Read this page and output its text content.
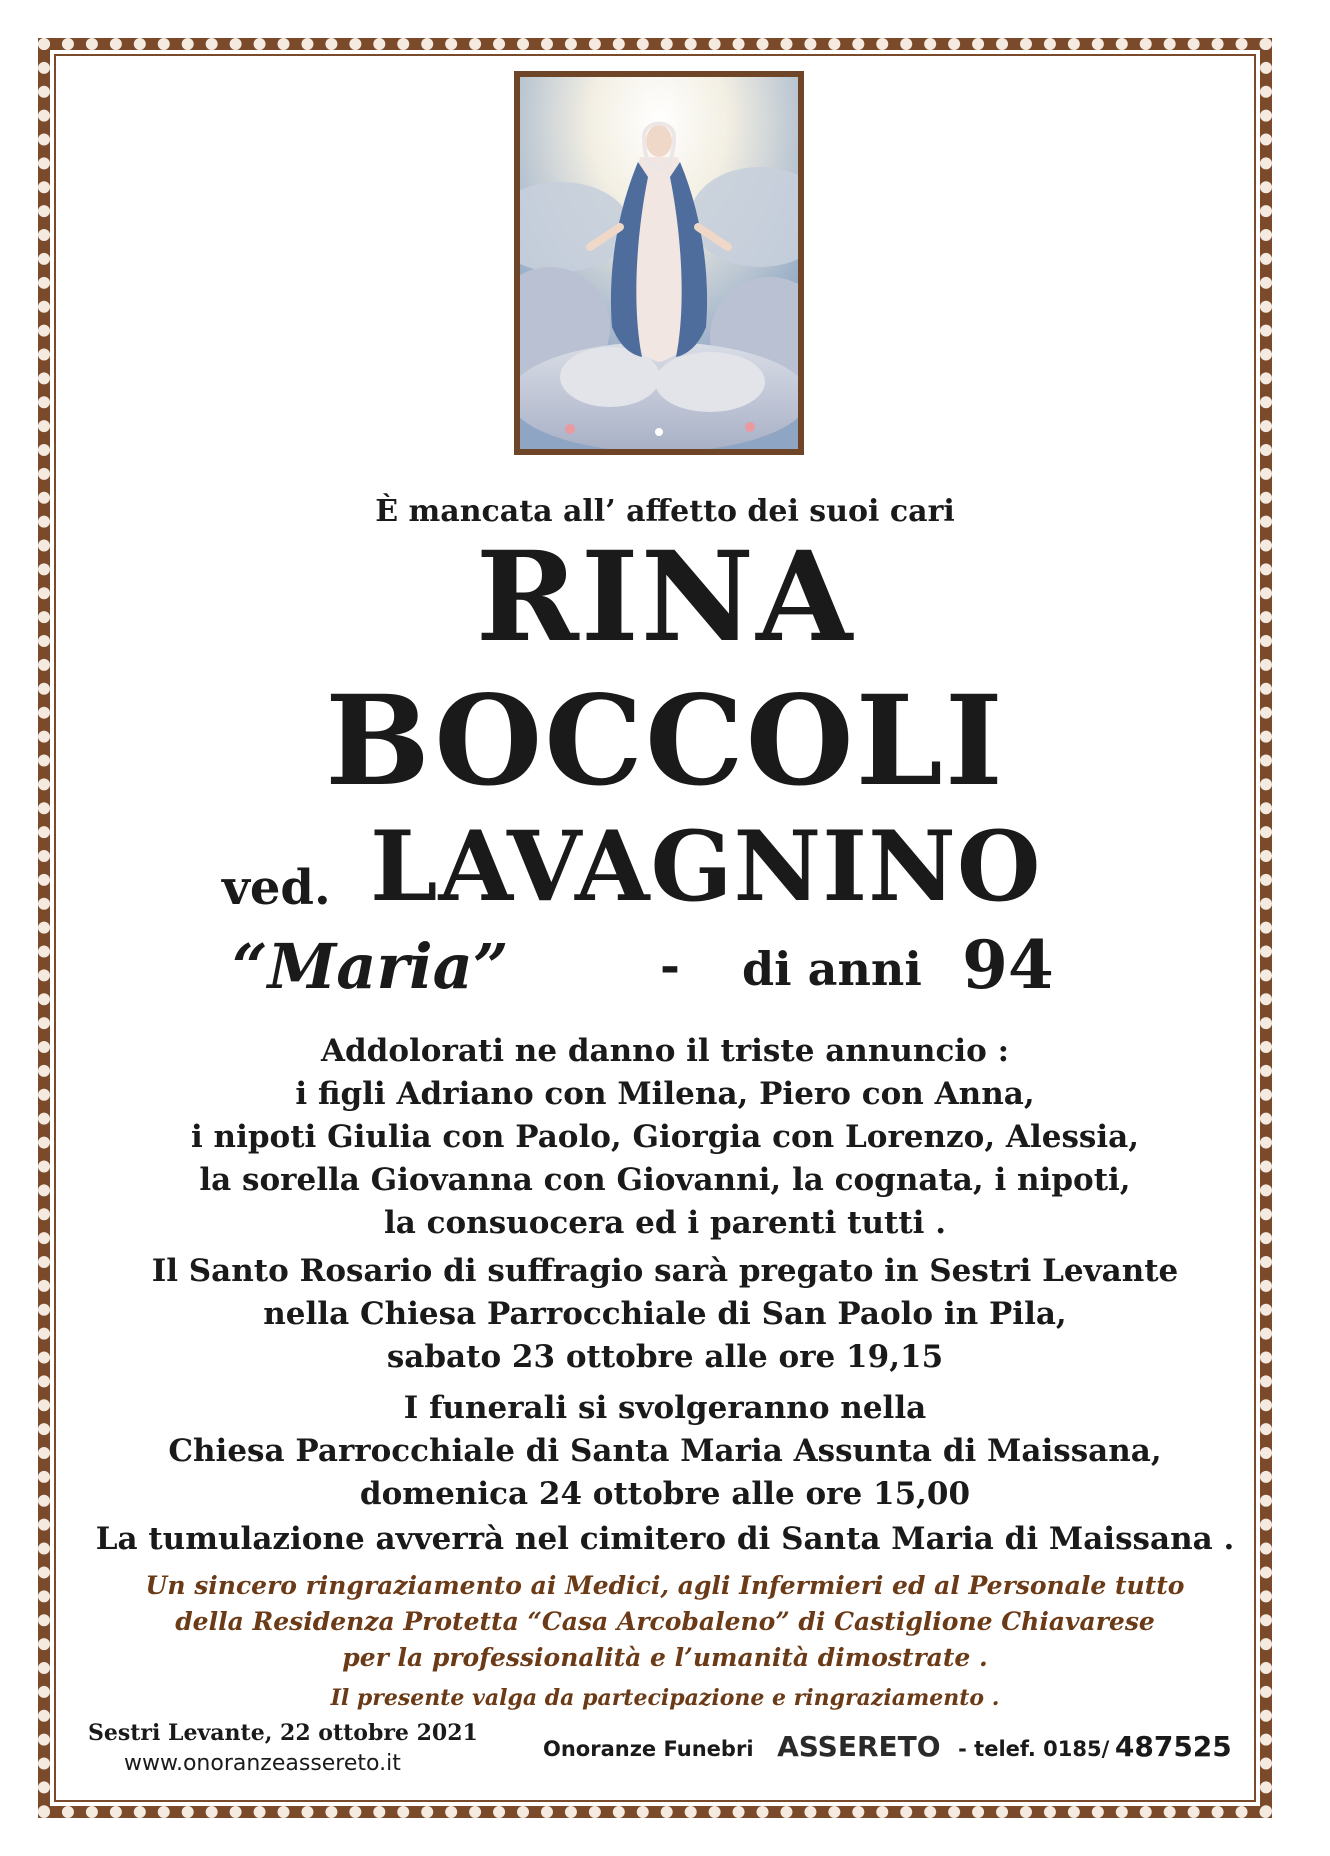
È mancata all’ affetto dei suoi cari

RINA

BOCCOLI

ved. LAVAGNINO
“Maria”	- di anni 94

Addolorati ne danno il triste annuncio :

i figli Adriano con Milena, Piero con Anna,

i nipoti Giulia con Paolo, Giorgia con Lorenzo, Alessia,

la sorella Giovanna con Giovanni, la cognata, i nipoti,

la consuocera ed i parenti tutti .

Il Santo Rosario di suffragio sarà pregato in Sestri Levante

nella Chiesa Parrocchiale di San Paolo in Pila,

sabato 23 ottobre alle ore 19,15

I funerali si svolgeranno nella

Chiesa Parrocchiale di Santa Maria Assunta di Maissana,

domenica 24 ottobre alle ore 15,00

La tumulazione avverrà nel cimitero di Santa Maria di Maissana .

Un sincero ringraziamento ai Medici, agli Infermieri ed al Personale tutto

della Residenza Protetta “Casa Arcobaleno” di Castiglione Chiavarese

per la professionalità e l’umanità dimostrate .

Il presente valga da partecipazione e ringraziamento .

Sestri Levante, 22 ottobre 2021
www.onoranzeassereto.it
Onoranze Funebri ASSERETO - telef. 0185/ 487525
